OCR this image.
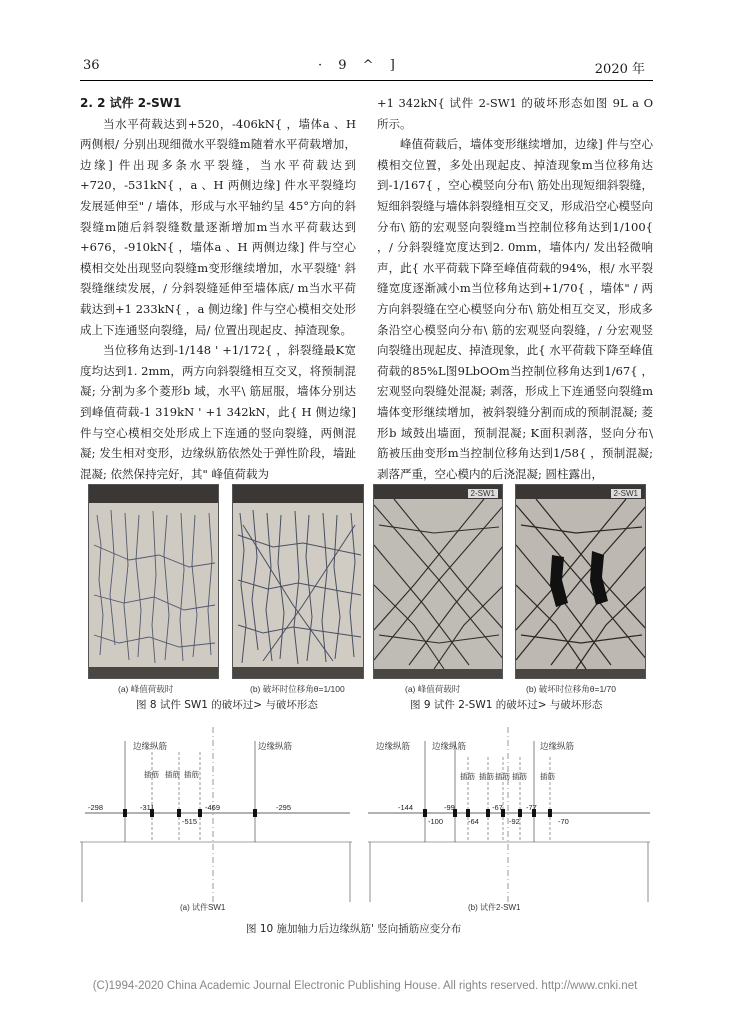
36	· 9 ^ ]	2020 年

2. 2 试件 2-SW1

当水平荷载达到+520，-406kN{ ，墙体a 、H 两侧根/ 分别出现细微水平裂缝m随着水平荷载增加，边缘] 件出现多条水平裂缝，当水平荷载达到+720，-531kN{ ，a 、H 两侧边缘] 件水平裂缝均发展延伸至" / 墙体，形成与水平轴约呈 45°方向的斜裂缝m随后斜裂缝数量逐渐增加m当水平荷载达到+676，-910kN{ ，墙体a 、H 两侧边缘] 件与空心模相交处出现竖向裂缝m变形继续增加，水平裂缝' 斜裂缝继续发展，/ 分斜裂缝延伸至墙体底/ m当水平荷载达到+1 233kN{ ，a 侧边缘] 件与空心模相交处形成上下连通竖向裂缝，局/ 位置出现起皮、掉渣现象。

当位移角达到-1/148 ' +1/172{ ，斜裂缝最K宽度均达到1. 2mm，两方向斜裂缝相互交叉，将预制混凝; 分割为多个菱形b 域，水平\ 筋屈服，墙体分别达到峰值荷载-1 319kN ' +1 342kN，此{ H 侧边缘] 件与空心模相交处形成上下连通的竖向裂缝，两侧混凝; 发生相对变形，边缘纵筋依然处于弹性阶段，墙趾混凝; 依然保持完好，其" 峰值荷载为

+1 342kN{ 试件 2-SW1 的破坏形态如图 9L a O 所示。

峰值荷载后，墙体变形继续增加，边缘] 件与空心模相交位置，多处出现起皮、掉渣现象m当位移角达到-1/167{ ，空心模竖向分布\ 筋处出现短细斜裂缝，短细斜裂缝与墙体斜裂缝相互交叉，形成沿空心模竖向分布\ 筋的宏观竖向裂缝m当控制位移角达到1/100{ ，/ 分斜裂缝宽度达到2. 0mm，墙体内/ 发出轻微响声，此{ 水平荷载下降至峰值荷载的94%，根/ 水平裂缝宽度逐渐减小m当位移角达到+1/70{ ，墙体" / 两方向斜裂缝在空心模竖向分布\ 筋处相互交叉，形成多条沿空心模竖向分布\ 筋的宏观竖向裂缝，/ 分宏观竖向裂缝出现起皮、掉渣现象，此{ 水平荷载下降至峰值荷载的85%L图9LbOOm当控制位移角达到1/67{ ，宏观竖向裂缝处混凝; 剥落，形成上下连通竖向裂缝m墙体变形继续增加，被斜裂缝分割而成的预制混凝; 菱形b 域鼓出墙面，预制混凝; K面积剥落，竖向分布\ 筋被压曲变形m当控制位移角达到1/58{ ，预制混凝; 剥落严重，空心模内的后浇混凝; 圆柱露出，

(a) 峰值荷载时	(b) 破坏时位移角θ=1/100
图 8 试件 SW1 的破坏过> 与破坏形态
2-SW1	2-SW1
(a) 峰值荷载时	(b) 破坏时位移角θ=1/70
图 9 试件 2-SW1 的破坏过> 与破坏形态
边缘纵筋	边缘纵筋
插筋 插筋 插筋
-298	-311
-515
-469	-295
(a) 试件SW1
边缘纵筋	边缘纵筋	边缘纵筋
插筋 插筋 插筋 插筋 插筋
-144
-100
-99
-64
-67
-92
-77
-70
(b) 试件2-SW1
图 10 施加轴力后边缘纵筋' 竖向插筋应变分布
(C)1994-2020 China Academic Journal Electronic Publishing House. All rights reserved. http://www.cnki.net
